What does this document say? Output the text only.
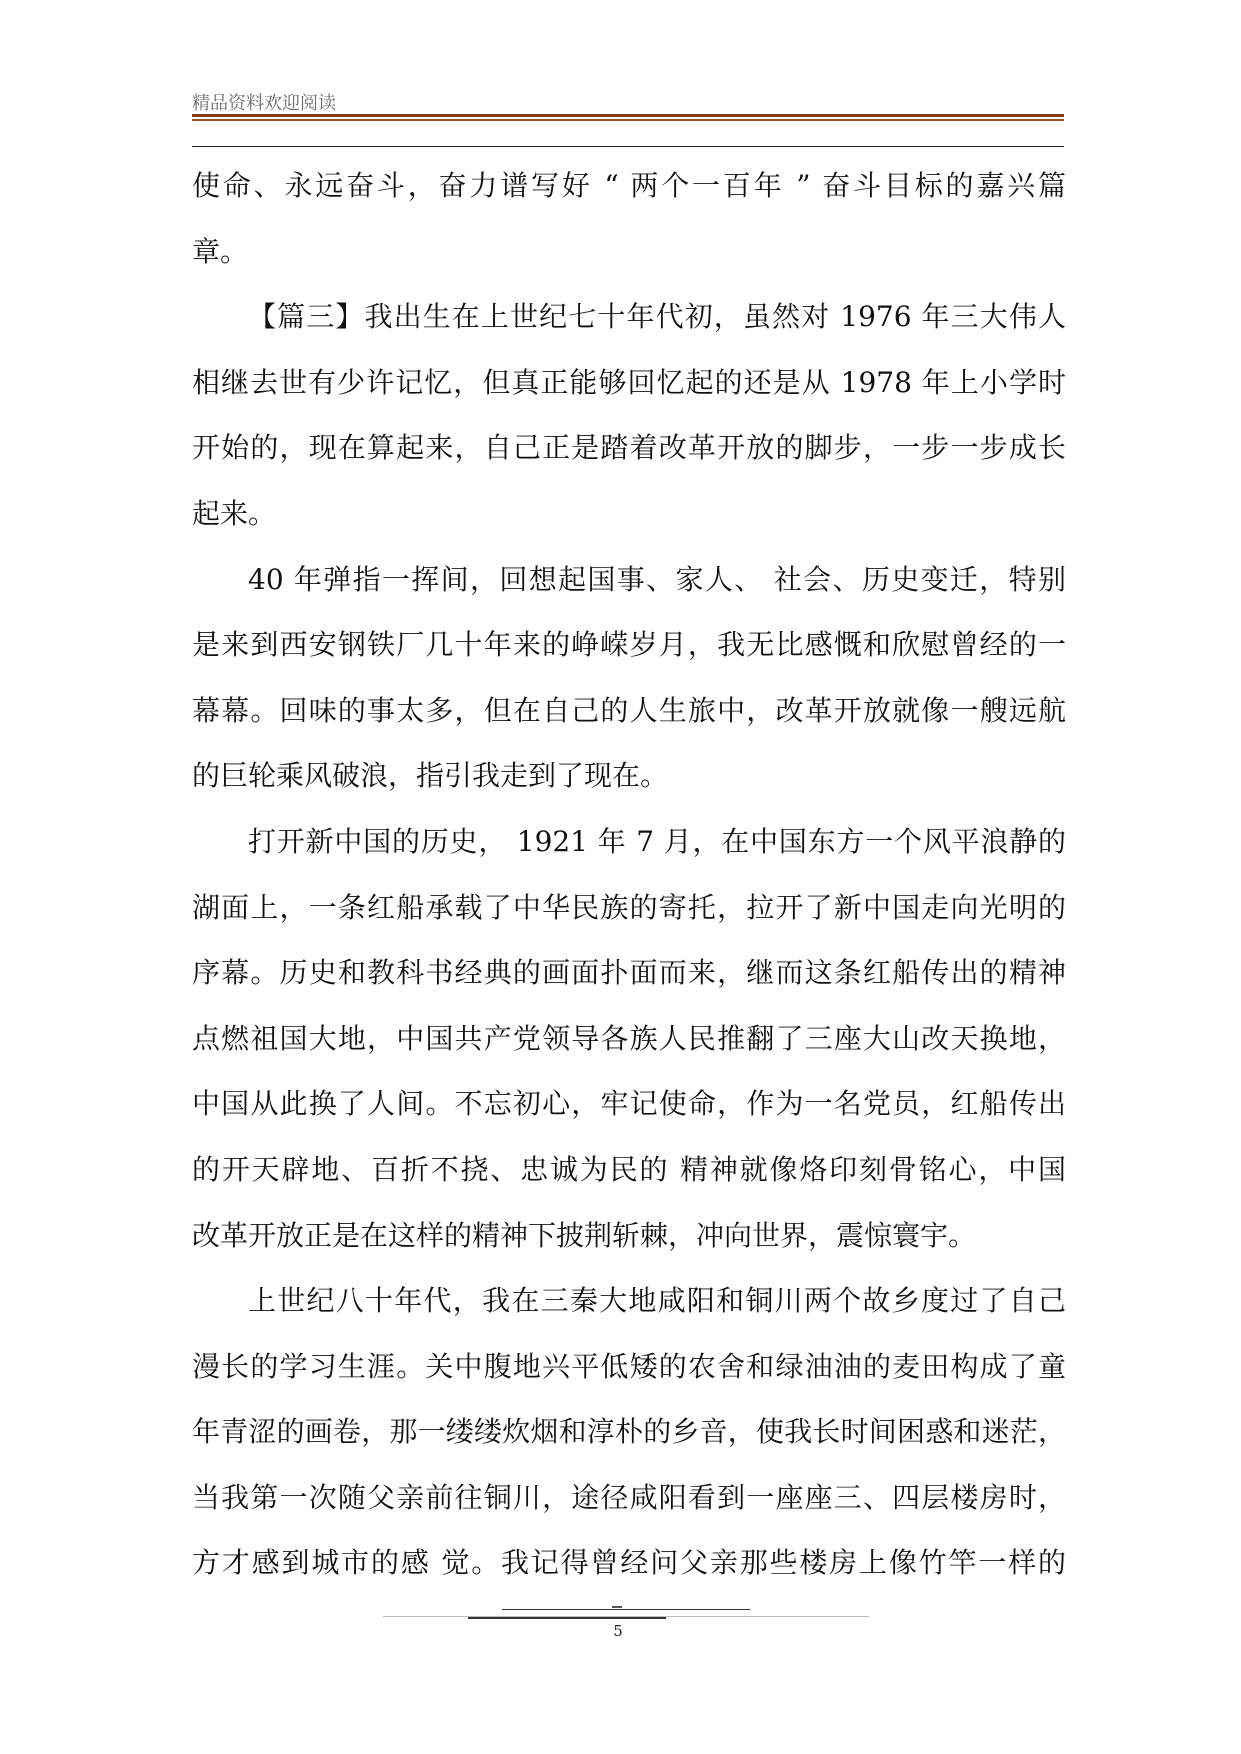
精品资料欢迎阅读
使命、永远奋斗，奋力谱写好 “ 两个一百年 ” 奋斗目标的嘉兴篇
章。
【篇三】我出生在上世纪七十年代初，虽然对 1976 年三大伟人
相继去世有少许记忆，但真正能够回忆起的还是从 1978 年上小学时
开始的，现在算起来，自己正是踏着改革开放的脚步，一步一步成长
起来。
40 年弹指一挥间，回想起国事、家人、 社会、历史变迁，特别
是来到西安钢铁厂几十年来的峥嵘岁月，我无比感慨和欣慰曾经的一
幕幕。回味的事太多，但在自己的人生旅中，改革开放就像一艘远航
的巨轮乘风破浪，指引我走到了现在。
打开新中国的历史， 1921 年 7 月，在中国东方一个风平浪静的
湖面上，一条红船承载了中华民族的寄托，拉开了新中国走向光明的
序幕。历史和教科书经典的画面扑面而来，继而这条红船传出的精神
点燃祖国大地，中国共产党领导各族人民推翻了三座大山改天换地，
中国从此换了人间。不忘初心，牢记使命，作为一名党员，红船传出
的开天辟地、百折不挠、忠诚为民的 精神就像烙印刻骨铭心，中国
改革开放正是在这样的精神下披荆斩棘，冲向世界，震惊寰宇。
上世纪八十年代，我在三秦大地咸阳和铜川两个故乡度过了自己
漫长的学习生涯。关中腹地兴平低矮的农舍和绿油油的麦田构成了童
年青涩的画卷，那一缕缕炊烟和淳朴的乡音，使我长时间困惑和迷茫，
当我第一次随父亲前往铜川，途径咸阳看到一座座三、四层楼房时，
方才感到城市的感 觉。我记得曾经问父亲那些楼房上像竹竿一样的
5
